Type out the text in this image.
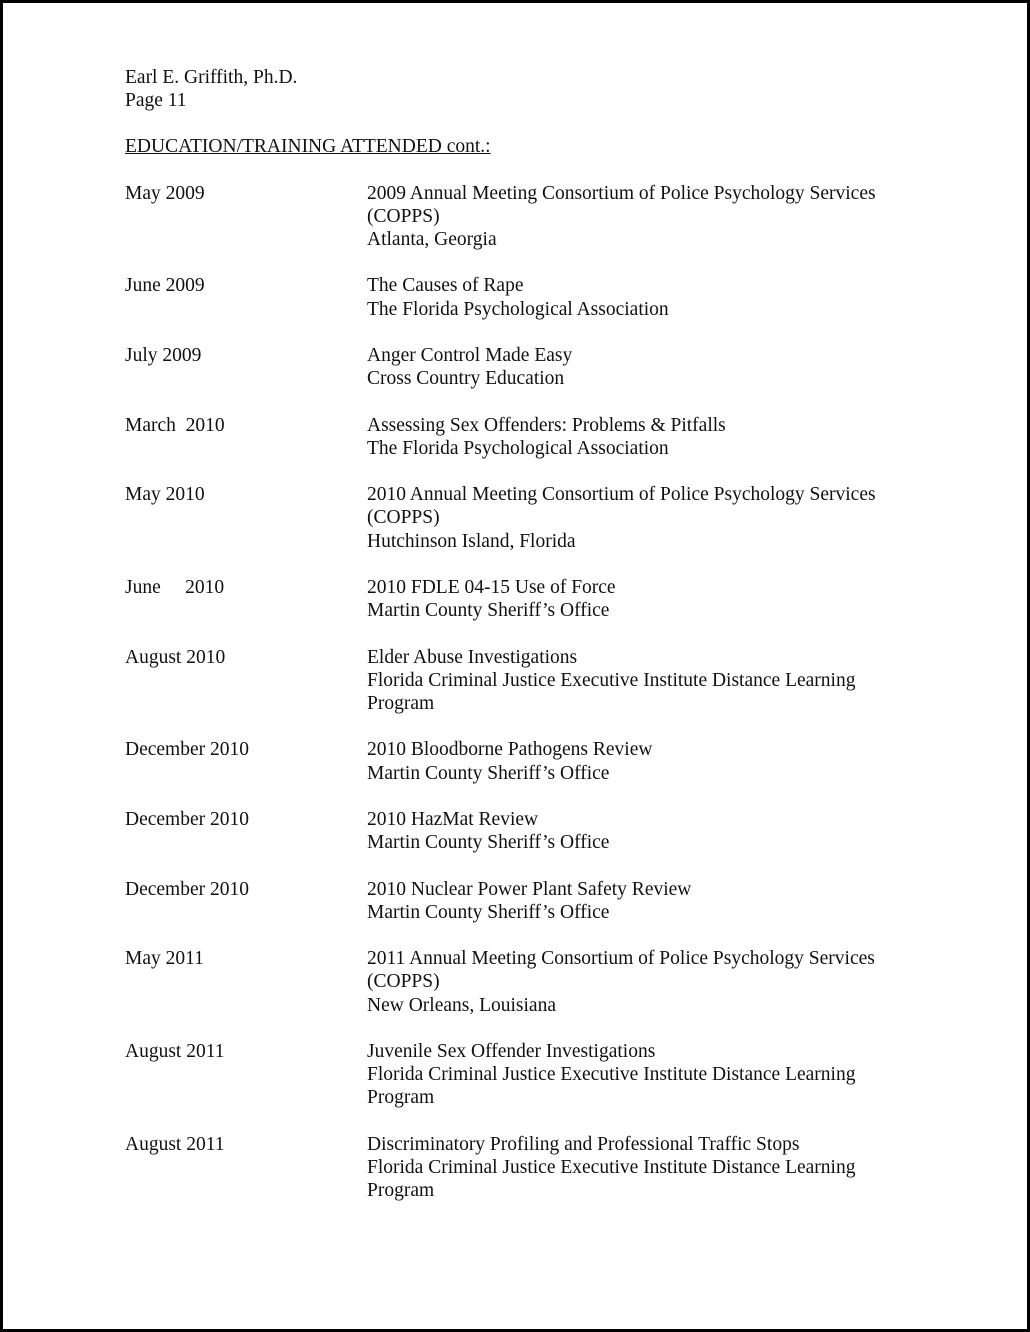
Earl E. Griffith, Ph.D.
Page 11
EDUCATION/TRAINING ATTENDED cont.:
May 2009	2009 Annual Meeting Consortium of Police Psychology Services
(COPPS)
Atlanta, Georgia
June 2009	The Causes of Rape
The Florida Psychological Association
July 2009	Anger Control Made Easy
Cross Country Education
March  2010	Assessing Sex Offenders: Problems & Pitfalls
The Florida Psychological Association
May 2010	2010 Annual Meeting Consortium of Police Psychology Services
(COPPS)
Hutchinson Island, Florida
June     2010	2010 FDLE 04-15 Use of Force
Martin County Sheriff’s Office
August 2010	Elder Abuse Investigations
Florida Criminal Justice Executive Institute Distance Learning
Program
December 2010	2010 Bloodborne Pathogens Review
Martin County Sheriff’s Office
December 2010	2010 HazMat Review
Martin County Sheriff’s Office
December 2010	2010 Nuclear Power Plant Safety Review
Martin County Sheriff’s Office
May 2011	2011 Annual Meeting Consortium of Police Psychology Services
(COPPS)
New Orleans, Louisiana
August 2011	Juvenile Sex Offender Investigations
Florida Criminal Justice Executive Institute Distance Learning
Program
August 2011	Discriminatory Profiling and Professional Traffic Stops
Florida Criminal Justice Executive Institute Distance Learning
Program
